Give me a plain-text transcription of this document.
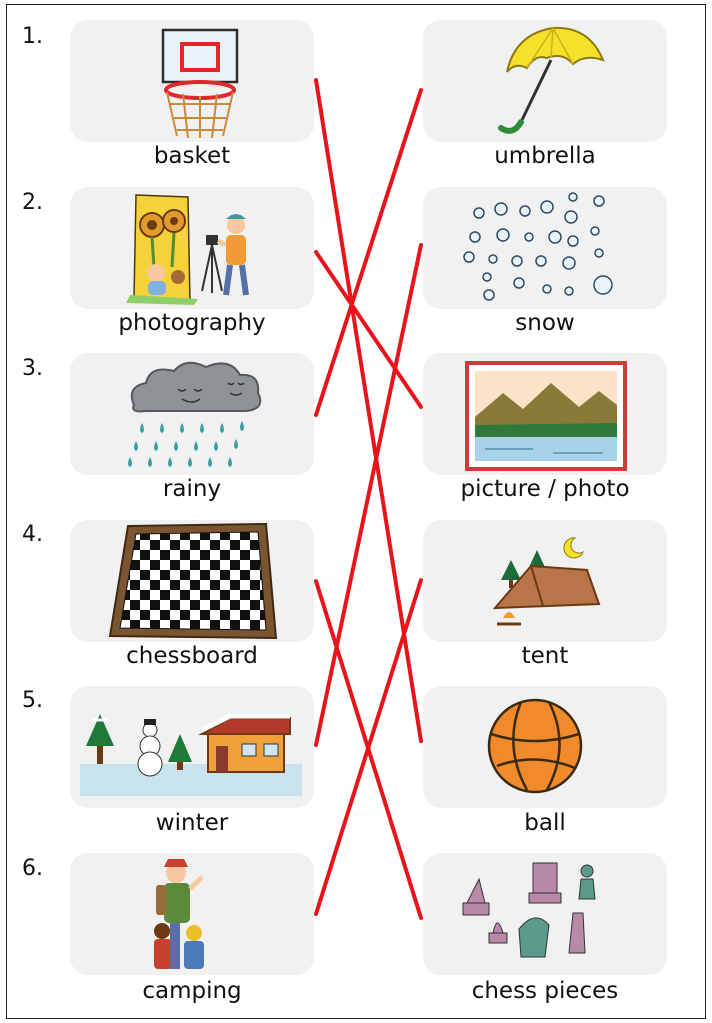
1.
2.
3.
4.
5.
6.
basket
photography
rainy
chessboard
winter
camping
umbrella
snow
picture / photo
tent
ball
chess pieces
